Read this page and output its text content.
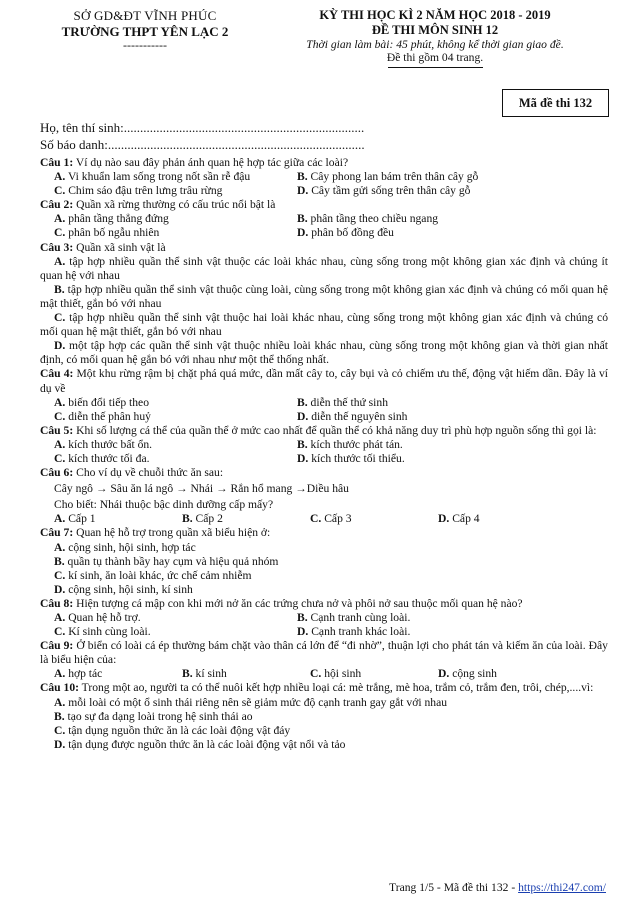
SỞ GD&ĐT VĨNH PHÚC
TRƯỜNG THPT YÊN LẠC 2
-----------
KỲ THI HỌC KÌ 2 NĂM HỌC 2018 - 2019
ĐỀ THI MÔN SINH 12
Thời gian làm bài: 45 phút, không kể thời gian giao đề.
Đề thi gồm 04 trang.
Mã đề thi 132
Họ, tên thí sinh:..........................................................................
Số báo danh:...............................................................................
Câu 1: Ví dụ nào sau đây phản ánh quan hệ hợp tác giữa các loài?
A. Vi khuẩn lam sống trong nốt sần rễ đậu	B. Cây phong lan bám trên thân cây gỗ
C. Chim sáo đậu trên lưng trâu rừng	D. Cây tầm gửi sống trên thân cây gỗ
Câu 2: Quần xã rừng thường có cấu trúc nổi bật là
A. phân tầng thẳng đứng	B. phân tầng theo chiều ngang
C. phân bố ngẫu nhiên	D. phân bố đồng đều
Câu 3: Quần xã sinh vật là
A. tập hợp nhiều quần thể sinh vật thuộc các loài khác nhau, cùng sống trong một không gian xác định và chúng ít quan hệ với nhau
B. tập hợp nhiều quần thể sinh vật thuộc cùng loài, cùng sống trong một không gian xác định và chúng có mối quan hệ mật thiết, gắn bó với nhau
C. tập hợp nhiều quần thể sinh vật thuộc hai loài khác nhau, cùng sống trong một không gian xác định và chúng có mối quan hệ mật thiết, gắn bó với nhau
D. một tập hợp các quần thể sinh vật thuộc nhiều loài khác nhau, cùng sống trong một không gian và thời gian nhất định, có mối quan hệ gắn bó với nhau như một thể thống nhất.
Câu 4: Một khu rừng rậm bị chặt phá quá mức, dần mất cây to, cây bụi và cỏ chiếm ưu thế, động vật hiếm dần. Đây là ví dụ về
A. biến đổi tiếp theo	B. diễn thế thứ sinh
C. diễn thế phân huỷ	D. diễn thế nguyên sinh
Câu 5: Khi số lượng cá thể của quần thể ở mức cao nhất để quần thể có khả năng duy trì phù hợp nguồn sống thì gọi là:
A. kích thước bất ổn.	B. kích thước phát tán.
C. kích thước tối đa.	D. kích thước tối thiểu.
Câu 6: Cho ví dụ về chuỗi thức ăn sau:
Cây ngô → Sâu ăn lá ngô → Nhái → Rắn hổ mang →Diều hâu
Cho biết: Nhái thuộc bậc dinh dưỡng cấp mấy?
A. Cấp 1	B. Cấp 2	C. Cấp 3	D. Cấp 4
Câu 7: Quan hệ hỗ trợ trong quần xã biểu hiện ở:
A. cộng sinh, hội sinh, hợp tác
B. quần tụ thành bầy hay cụm và hiệu quả nhóm
C. kí sinh, ăn loài khác, ức chế cảm nhiễm
D. cộng sinh, hội sinh, kí sinh
Câu 8: Hiện tượng cá mập con khi mới nở ăn các trứng chưa nở và phôi nở sau thuộc mối quan hệ nào?
A. Quan hệ hỗ trợ.	B. Cạnh tranh cùng loài.
C. Kí sinh cùng loài.	D. Cạnh tranh khác loài.
Câu 9: Ở biển có loài cá ép thường bám chặt vào thân cá lớn để “đi nhờ”, thuận lợi cho phát tán và kiếm ăn của loài. Đây là biểu hiện của:
A. hợp tác	B. kí sinh	C. hội sinh	D. cộng sinh
Câu 10: Trong một ao, người ta có thể nuôi kết hợp nhiều loại cá: mè trắng, mè hoa, trắm cỏ, trắm đen, trôi, chép,....vì:
A. mỗi loài có một ổ sinh thái riêng nên sẽ giảm mức độ cạnh tranh gay gắt với nhau
B. tạo sự đa dạng loài trong hệ sinh thái ao
C. tận dụng nguồn thức ăn là các loài động vật đáy
D. tận dụng được nguồn thức ăn là các loài động vật nổi và tảo
Trang 1/5 - Mã đề thi 132 - https://thi247.com/
